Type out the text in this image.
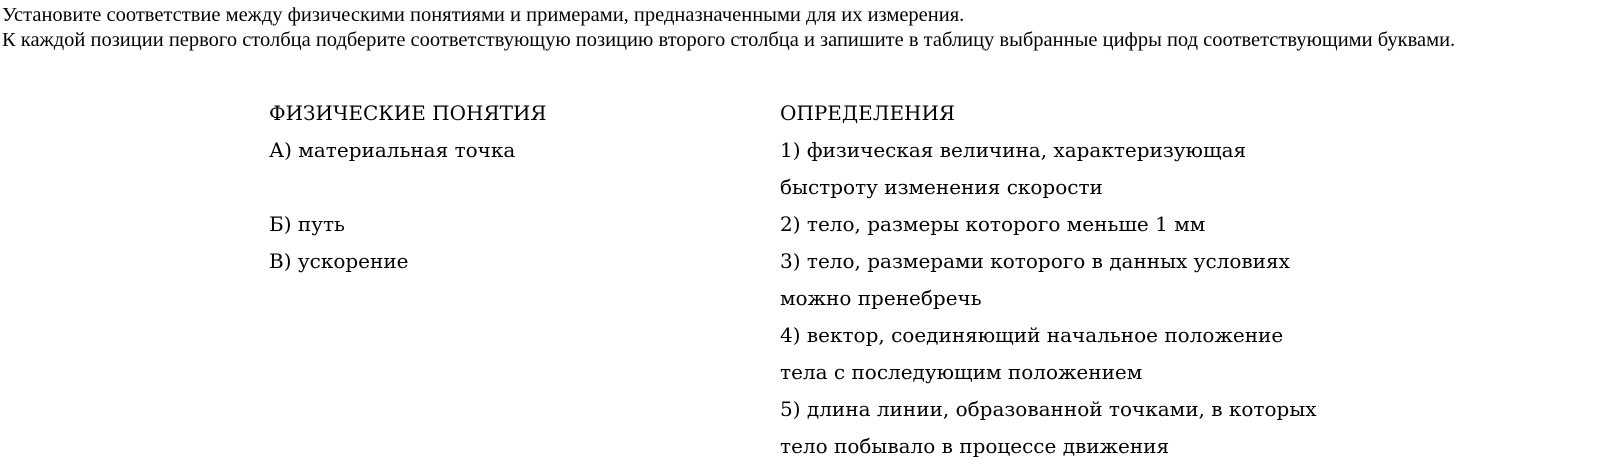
Установите соответствие между физическими понятиями и примерами, предназначенными для их измерения.

К каждой позиции первого столбца подберите соответствующую позицию второго столбца и запишите в таблицу выбранные цифры под соответствующими буквами.

ФИЗИЧЕСКИЕ ПОНЯТИЯ
А) материальная точка
Б) путь
В) ускорение
ОПРЕДЕЛЕНИЯ
1) физическая величина, характеризующая
быстроту изменения скорости
2) тело, размеры которого меньше 1 мм
3) тело, размерами которого в данных условиях
можно пренебречь
4) вектор, соединяющий начальное положение
тела с последующим положением
5) длина линии, образованной точками, в которых
тело побывало в процессе движения
